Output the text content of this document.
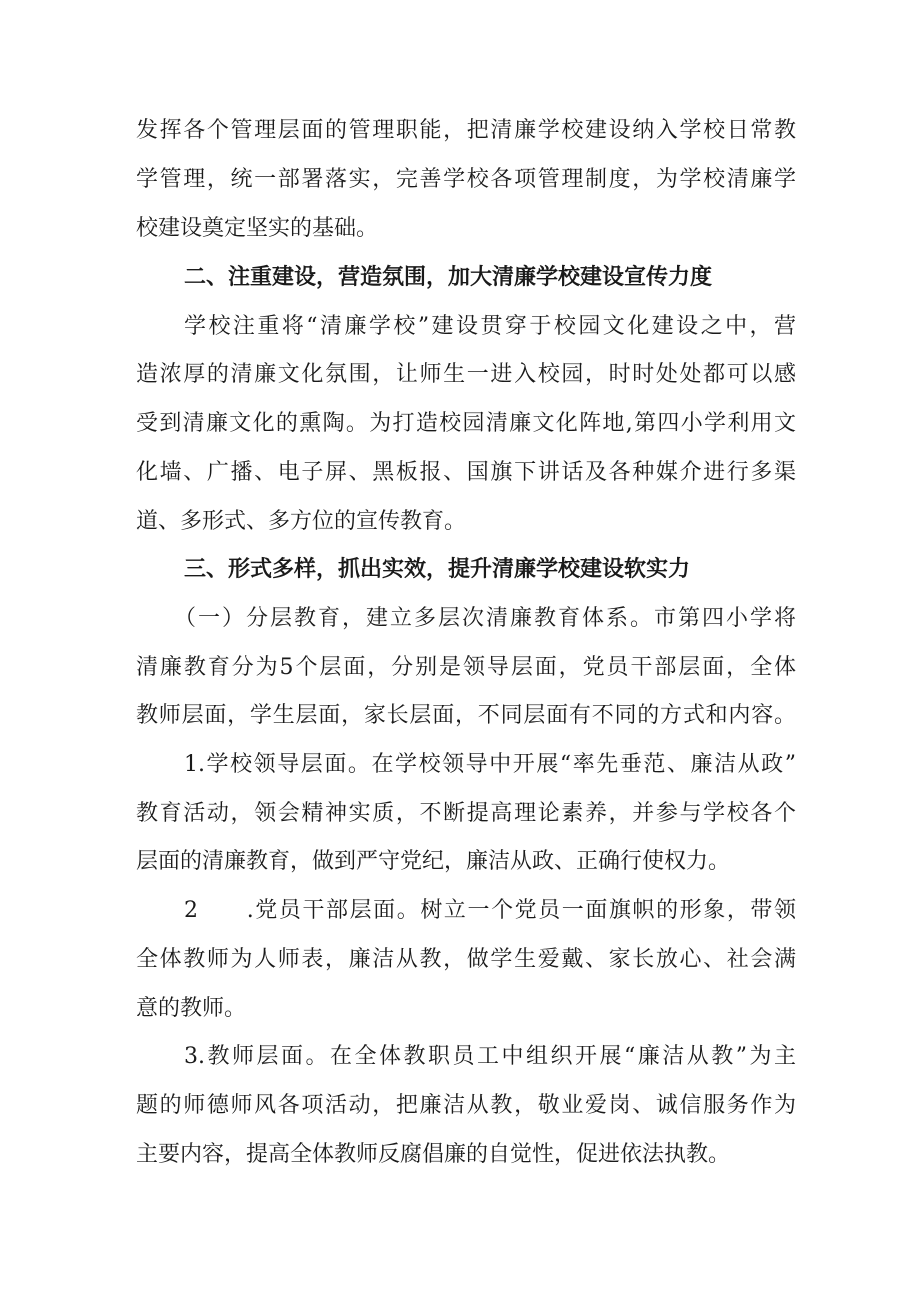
发挥各个管理层面的管理职能，把清廉学校建设纳入学校日常教
学管理，统一部署落实，完善学校各项管理制度，为学校清廉学
校建设奠定坚实的基础。
二、注重建设，营造氛围，加大清廉学校建设宣传力度
学校注重将“清廉学校”建设贯穿于校园文化建设之中，营
造浓厚的清廉文化氛围，让师生一进入校园，时时处处都可以感
受到清廉文化的熏陶。为打造校园清廉文化阵地,第四小学利用文
化墙、广播、电子屏、黑板报、国旗下讲话及各种媒介进行多渠
道、多形式、多方位的宣传教育。
三、形式多样，抓出实效，提升清廉学校建设软实力
（一）分层教育，建立多层次清廉教育体系。市第四小学将
清廉教育分为5个层面，分别是领导层面，党员干部层面，全体
教师层面，学生层面，家长层面，不同层面有不同的方式和内容。
1.学校领导层面。在学校领导中开展“率先垂范、廉洁从政”
教育活动，领会精神实质，不断提高理论素养，并参与学校各个
层面的清廉教育，做到严守党纪，廉洁从政、正确行使权力。
2　　.党员干部层面。树立一个党员一面旗帜的形象，带领
全体教师为人师表，廉洁从教，做学生爱戴、家长放心、社会满
意的教师。
3.教师层面。在全体教职员工中组织开展“廉洁从教”为主
题的师德师风各项活动，把廉洁从教，敬业爱岗、诚信服务作为
主要内容，提高全体教师反腐倡廉的自觉性，促进依法执教。
